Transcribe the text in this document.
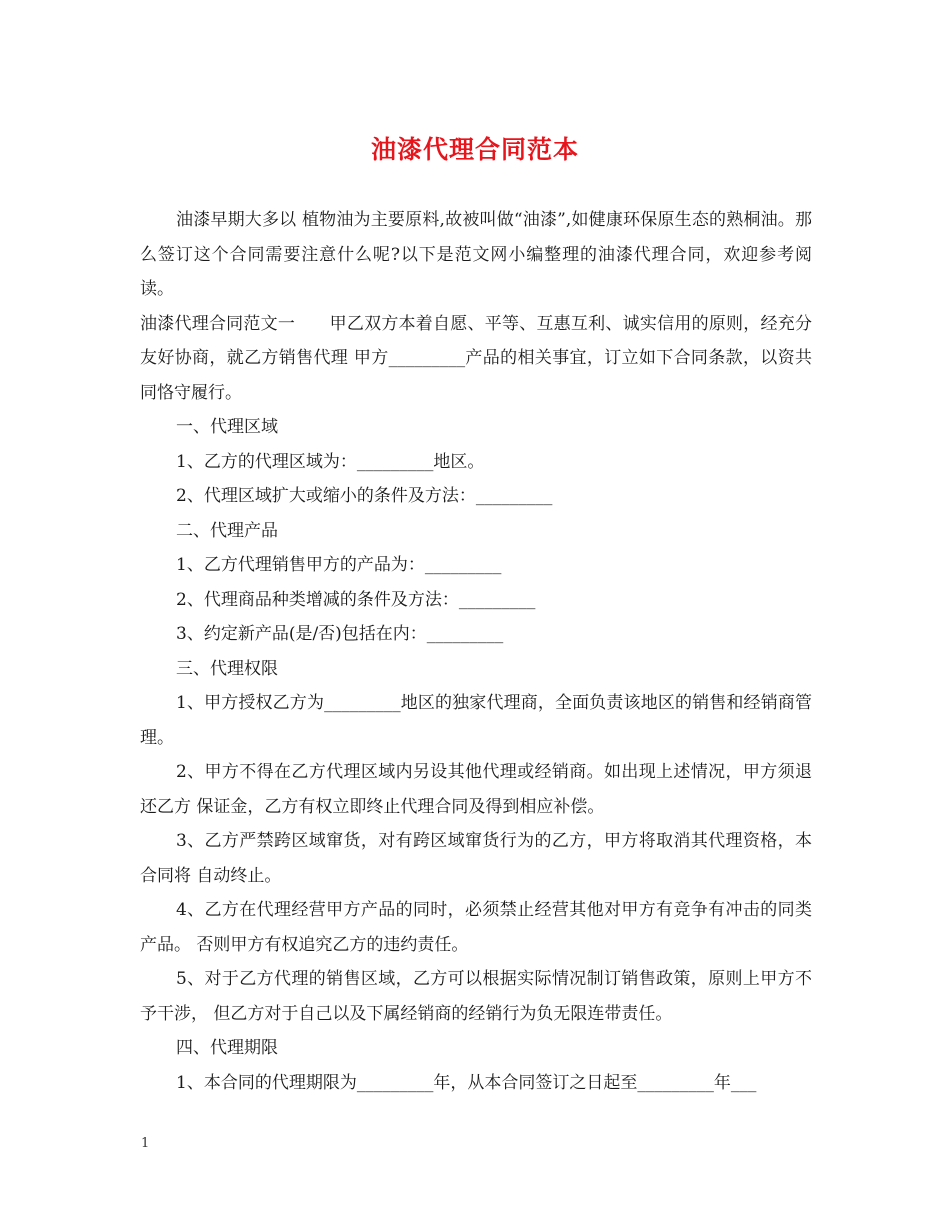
油漆代理合同范本

油漆早期大多以 植物油为主要原料,故被叫做“油漆”,如健康环保原生态的熟桐油。那么签订这个合同需要注意什么呢?以下是范文网小编整理的油漆代理合同，欢迎参考阅读。

油漆代理合同范文一　　甲乙双方本着自愿、平等、互惠互利、诚实信用的原则，经充分友好协商，就乙方销售代理 甲方_________产品的相关事宜，订立如下合同条款，以资共同恪守履行。

一、代理区域

1、乙方的代理区域为：_________地区。

2、代理区域扩大或缩小的条件及方法：_________

二、代理产品

1、乙方代理销售甲方的产品为：_________

2、代理商品种类增减的条件及方法：_________

3、约定新产品(是/否)包括在内：_________

三、代理权限

1、甲方授权乙方为_________地区的独家代理商，全面负责该地区的销售和经销商管理。

2、甲方不得在乙方代理区域内另设其他代理或经销商。如出现上述情况，甲方须退还乙方 保证金，乙方有权立即终止代理合同及得到相应补偿。

3、乙方严禁跨区域窜货，对有跨区域窜货行为的乙方，甲方将取消其代理资格，本合同将 自动终止。

4、乙方在代理经营甲方产品的同时，必须禁止经营其他对甲方有竞争有冲击的同类产品。 否则甲方有权追究乙方的违约责任。

5、对于乙方代理的销售区域，乙方可以根据实际情况制订销售政策，原则上甲方不予干涉， 但乙方对于自己以及下属经销商的经销行为负无限连带责任。

四、代理期限

1、本合同的代理期限为_________年，从本合同签订之日起至_________年___

1
